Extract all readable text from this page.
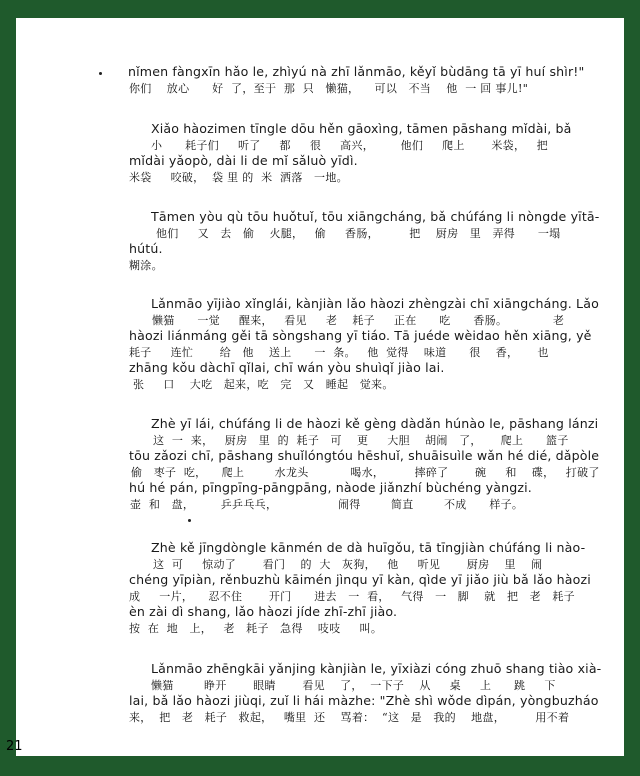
nǐmen fàngxīn hǎo le, zhìyú nà zhī lǎnmāo, kěyǐ bùdāng tā yī huí shìr!"
你们    放心      好  了，至于  那  只   懒猫，    可以   不当    他  一 回 事儿!"
Xiǎo hàozimen tīngle dōu hěn gāoxìng, tāmen pāshang mǐdài, bǎ
小      耗子们     听了     都     很     高兴，       他们     爬上       米袋，   把
mǐdài yǎopò, dài li de mǐ sǎluò yīdì.
米袋     咬破，  袋 里 的  米  洒落   一地。
Tāmen yòu qù tōu huǒtuǐ, tōu xiāngcháng, bǎ chúfáng li nòngde yītā-
他们     又   去   偷    火腿，   偷     香肠，        把    厨房   里   弄得      一塌
hútú.
糊涂。
Lǎnmāo yījiào xǐnglái, kànjiàn lǎo hàozi zhèngzài chī xiāngcháng. Lǎo
懒猫      一觉     醒来，   看见     老    耗子     正在      吃      香肠。            老
hàozi liánmáng gěi tā sòngshang yī tiáo. Tā juéde wèidao hěn xiāng, yě
耗子     连忙       给   他    送上      一  条。   他  觉得    味道      很    香，     也
zhāng kǒu dàchī qǐlai, chī wán yòu shuìqǐ jiào lai.
张     口    大吃   起来，吃   完   又   睡起   觉来。
Zhè yī lái, chúfáng li de hàozi kě gèng dàdǎn húnào le, pāshang lánzi
这  一  来，   厨房   里  的  耗子   可    更     大胆    胡闹   了，     爬上      篮子
tōu zǎozi chī, pāshang shuǐlóngtóu hēshuǐ, shuāisuìle wǎn hé dié, dǎpòle
偷   枣子  吃，    爬上        水龙头           喝水，        摔碎了       碗     和    碟，   打破了
hú hé pán, pīngpīng-pāngpāng, nàode jiǎnzhí bùchéng yàngzi.
壶  和   盘，       乒乒乓乓，                闹得        简直        不成      样子。
Zhè kě jīngdòngle kānmén de dà huīgǒu, tā tīngjiàn chúfáng li nào-
这  可     惊动了       看门    的  大   灰狗，   他     听见       厨房    里    闹
chéng yīpiàn, rěnbuzhù kāimén jìnqu yī kàn, qìde yī jiǎo jiù bǎ lǎo hàozi
成     一片，    忍不住       开门      进去   一  看，   气得   一   脚    就   把   老   耗子
èn zài dì shang, lǎo hàozi jíde zhī-zhī jiào.
按  在  地   上，   老   耗子   急得    吱吱     叫。
Lǎnmāo zhēngkāi yǎnjing kànjiàn le, yīxiàzi cóng zhuō shang tiào xià-
懒猫        睁开       眼睛       看见    了，  一下子    从     桌     上      跳     下
lai, bǎ lǎo hàozi jiùqi, zuǐ li hái màzhe: "Zhè shì wǒde dìpán, yòngbuzháo
来，  把   老   耗子   救起，   嘴里  还    骂着：  “这   是   我的    地盘，        用不着
21
